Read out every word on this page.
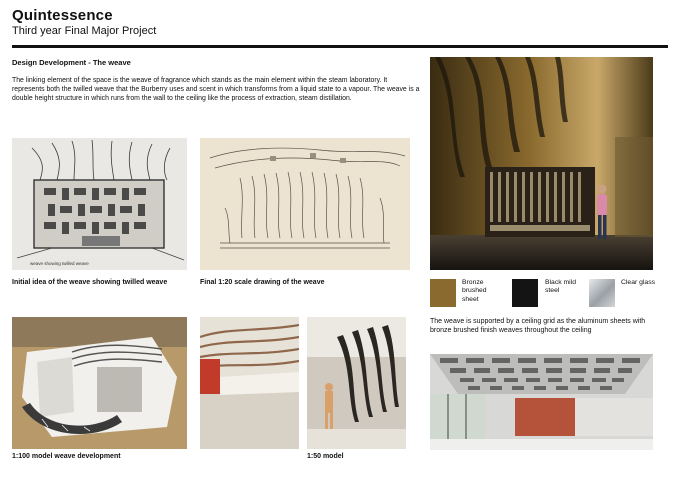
Quintessence
Third year Final Major Project
Design Development - The weave
The linking element of the space is the weave of fragrance which stands as the main element within the steam laboratory. It represents both the twilled weave that the Burberry uses and scent in which transforms from a liquid state to a vapour. The weave is a double height structure in which runs from the wall to the ceiling like the process of extraction, steam distillation.
weave showing twilled weave
Initial idea of the weave showing twilled weave	Final 1:20 scale drawing of the weave	Bronze brushed sheet
Black mild steel
Clear glass
The weave is supported by a ceiling grid as the aluminum sheets with bronze brushed finish weaves throughout the ceiling
1:100 model weave development	1:50 model
